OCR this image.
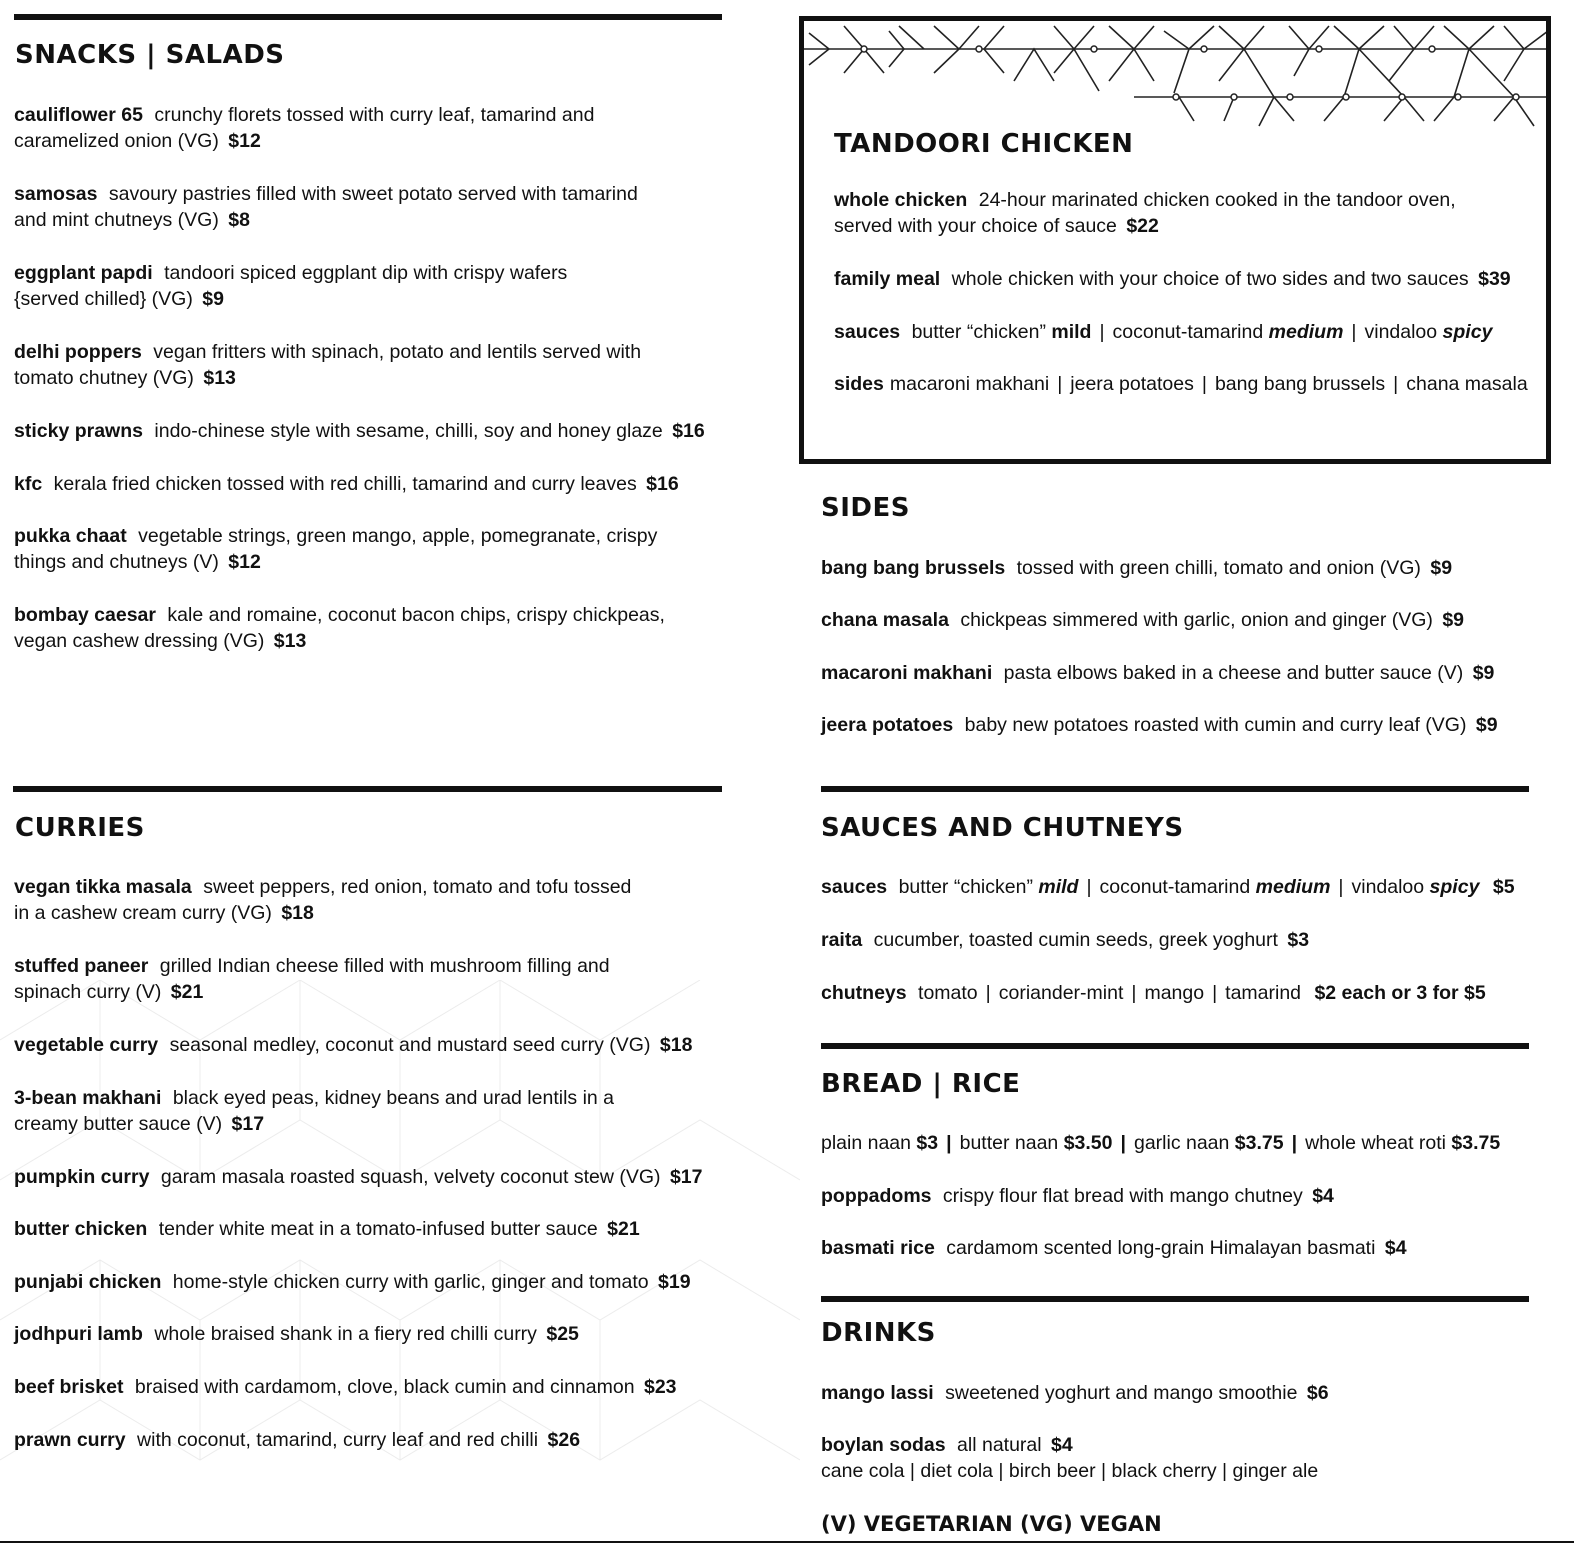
SNACKS | SALADS
cauliflower 65 crunchy florets tossed with curry leaf, tamarind and
caramelized onion (VG) $12
samosas savoury pastries filled with sweet potato served with tamarind
and mint chutneys (VG) $8
eggplant papdi tandoori spiced eggplant dip with crispy wafers
{served chilled} (VG) $9
delhi poppers vegan fritters with spinach, potato and lentils served with
tomato chutney (VG) $13
sticky prawns indo-chinese style with sesame, chilli, soy and honey glaze $16
kfc kerala fried chicken tossed with red chilli, tamarind and curry leaves $16
pukka chaat vegetable strings, green mango, apple, pomegranate, crispy
things and chutneys (V) $12
bombay caesar kale and romaine, coconut bacon chips, crispy chickpeas,
vegan cashew dressing (VG) $13
CURRIES
vegan tikka masala sweet peppers, red onion, tomato and tofu tossed
in a cashew cream curry (VG) $18
stuffed paneer grilled Indian cheese filled with mushroom filling and
spinach curry (V) $21
vegetable curry seasonal medley, coconut and mustard seed curry (VG) $18
3-bean makhani black eyed peas, kidney beans and urad lentils in a
creamy butter sauce (V) $17
pumpkin curry garam masala roasted squash, velvety coconut stew (VG) $17
butter chicken tender white meat in a tomato-infused butter sauce $21
punjabi chicken home-style chicken curry with garlic, ginger and tomato $19
jodhpuri lamb whole braised shank in a fiery red chilli curry $25
beef brisket braised with cardamom, clove, black cumin and cinnamon $23
prawn curry with coconut, tamarind, curry leaf and red chilli $26
TANDOORI CHICKEN
whole chicken 24-hour marinated chicken cooked in the tandoor oven,
served with your choice of sauce $22
family meal whole chicken with your choice of two sides and two sauces $39
sauces butter “chicken” mild | coconut-tamarind medium | vindaloo spicy
sides macaroni makhani | jeera potatoes | bang bang brussels | chana masala
SIDES
bang bang brussels tossed with green chilli, tomato and onion (VG) $9
chana masala chickpeas simmered with garlic, onion and ginger (VG) $9
macaroni makhani pasta elbows baked in a cheese and butter sauce (V) $9
jeera potatoes baby new potatoes roasted with cumin and curry leaf (VG) $9
SAUCES AND CHUTNEYS
sauces butter “chicken” mild | coconut-tamarind medium | vindaloo spicy $5
raita cucumber, toasted cumin seeds, greek yoghurt $3
chutneys tomato | coriander-mint | mango | tamarind $2 each or 3 for $5
BREAD | RICE
plain naan $3 | butter naan $3.50 | garlic naan $3.75 | whole wheat roti $3.75
poppadoms crispy flour flat bread with mango chutney $4
basmati rice cardamom scented long-grain Himalayan basmati $4
DRINKS
mango lassi sweetened yoghurt and mango smoothie $6
boylan sodas all natural $4
cane cola | diet cola | birch beer | black cherry | ginger ale
(V) VEGETARIAN (VG) VEGAN
